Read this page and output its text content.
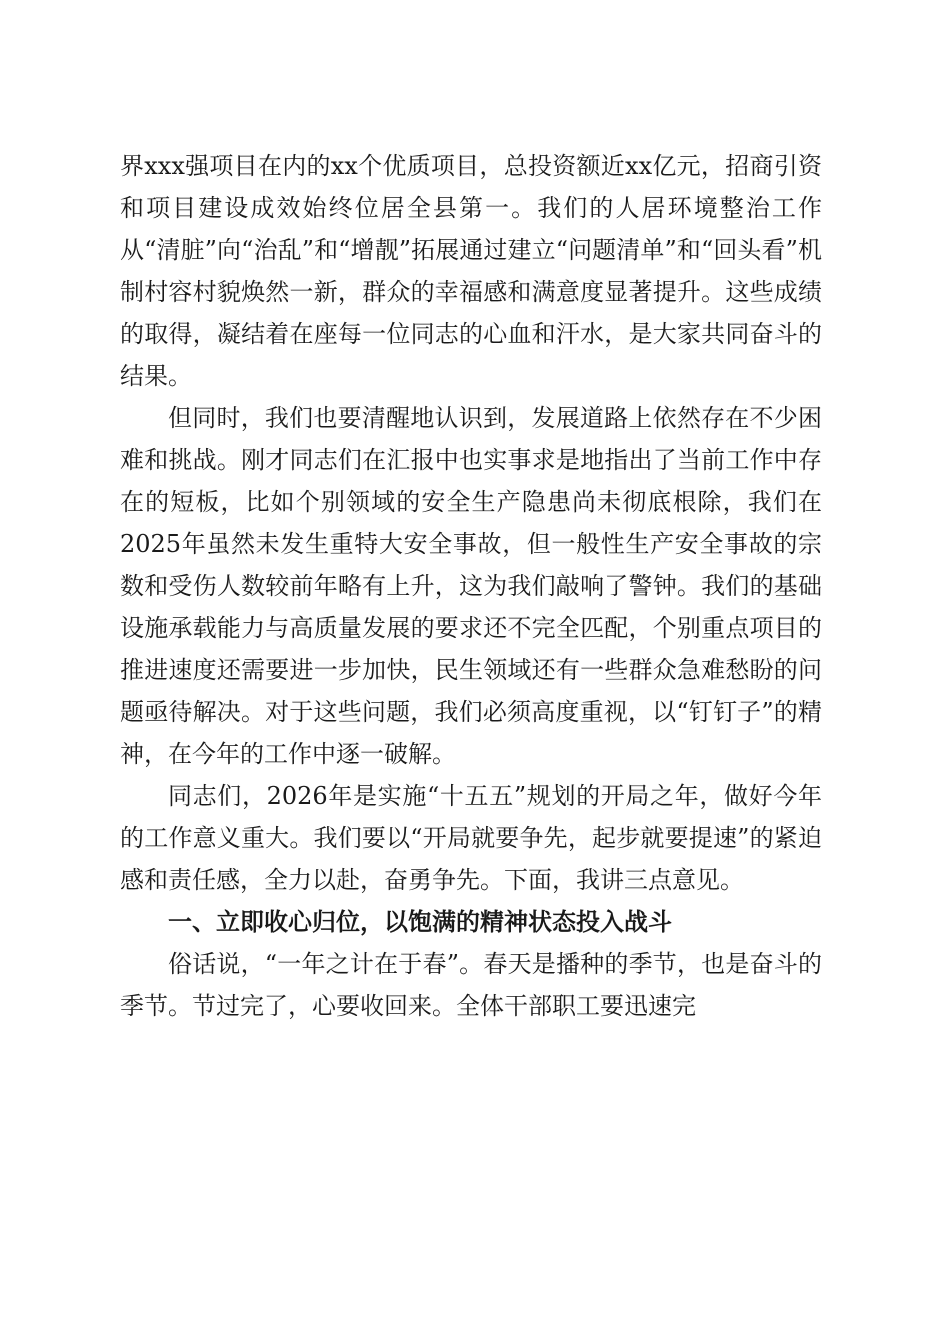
界xxx强项目在内的xx个优质项目，总投资额近xx亿元，招商引资和项目建设成效始终位居全县第一。我们的人居环境整治工作从“清脏”向“治乱”和“增靓”拓展通过建立“问题清单”和“回头看”机制村容村貌焕然一新，群众的幸福感和满意度显著提升。这些成绩的取得，凝结着在座每一位同志的心血和汗水，是大家共同奋斗的结果。

但同时，我们也要清醒地认识到，发展道路上依然存在不少困难和挑战。刚才同志们在汇报中也实事求是地指出了当前工作中存在的短板，比如个别领域的安全生产隐患尚未彻底根除，我们在2025年虽然未发生重特大安全事故，但一般性生产安全事故的宗数和受伤人数较前年略有上升，这为我们敲响了警钟。我们的基础设施承载能力与高质量发展的要求还不完全匹配，个别重点项目的推进速度还需要进一步加快，民生领域还有一些群众急难愁盼的问题亟待解决。对于这些问题，我们必须高度重视，以“钉钉子”的精神，在今年的工作中逐一破解。

同志们，2026年是实施“十五五”规划的开局之年，做好今年的工作意义重大。我们要以“开局就要争先，起步就要提速”的紧迫感和责任感，全力以赴，奋勇争先。下面，我讲三点意见。

一、立即收心归位，以饱满的精神状态投入战斗

俗话说，“一年之计在于春”。春天是播种的季节，也是奋斗的季节。节过完了，心要收回来。全体干部职工要迅速完
